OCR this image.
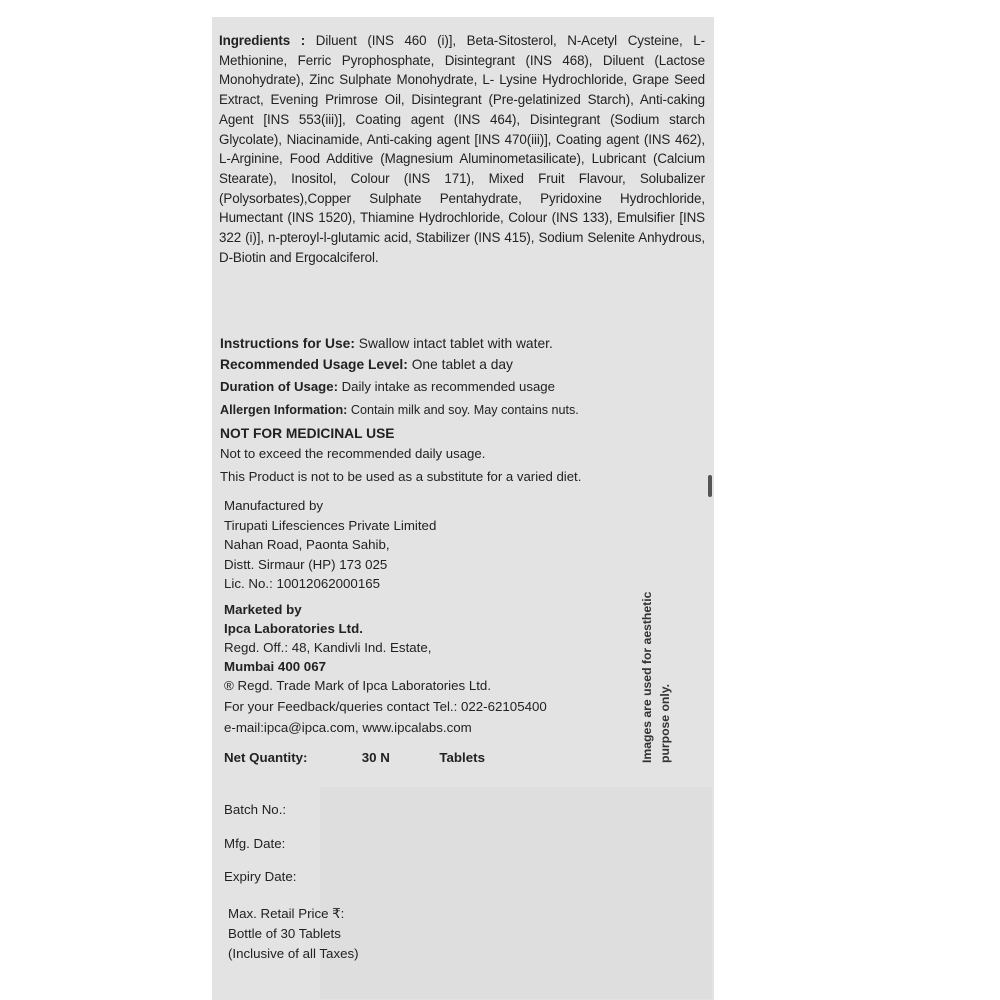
Ingredients : Diluent (INS 460 (i)], Beta-Sitosterol, N-Acetyl Cysteine, L-Methionine, Ferric Pyrophosphate, Disintegrant (INS 468), Diluent (Lactose Monohydrate), Zinc Sulphate Monohydrate, L- Lysine Hydrochloride, Grape Seed Extract, Evening Primrose Oil, Disintegrant (Pre-gelatinized Starch), Anti-caking Agent [INS 553(iii)], Coating agent (INS 464), Disintegrant (Sodium starch Glycolate), Niacinamide, Anti-caking agent [INS 470(iii)], Coating agent (INS 462), L-Arginine, Food Additive (Magnesium Aluminometasilicate), Lubricant (Calcium Stearate), Inositol, Colour (INS 171), Mixed Fruit Flavour, Solubalizer (Polysorbates),Copper Sulphate Pentahydrate, Pyridoxine Hydrochloride, Humectant (INS 1520), Thiamine Hydrochloride, Colour (INS 133), Emulsifier [INS 322 (i)], n-pteroyl-l-glutamic acid, Stabilizer (INS 415), Sodium Selenite Anhydrous, D-Biotin and Ergocalciferol.
Instructions for Use: Swallow intact tablet with water.
Recommended Usage Level: One tablet a day
Duration of Usage: Daily intake as recommended usage
Allergen Information: Contain milk and soy. May contains nuts.
NOT FOR MEDICINAL USE
Not to exceed the recommended daily usage.
This Product is not to be used as a substitute for a varied diet.
Manufactured by
Tirupati Lifesciences Private Limited
Nahan Road, Paonta Sahib,
Distt. Sirmaur (HP) 173 025
Lic. No.: 10012062000165
Marketed by
Ipca Laboratories Ltd.
Regd. Off.: 48, Kandivli Ind. Estate,
Mumbai 400 067
® Regd. Trade Mark of Ipca Laboratories Ltd.
For your Feedback/queries contact Tel.: 022-62105400
e-mail:ipca@ipca.com, www.ipcalabs.com
Net Quantity:	30 N	Tablets
Batch No.:
Mfg. Date:
Expiry Date:
Max. Retail Price ₹:
Bottle of 30 Tablets
(Inclusive of all Taxes)
Images are used for aesthetic purpose only.
